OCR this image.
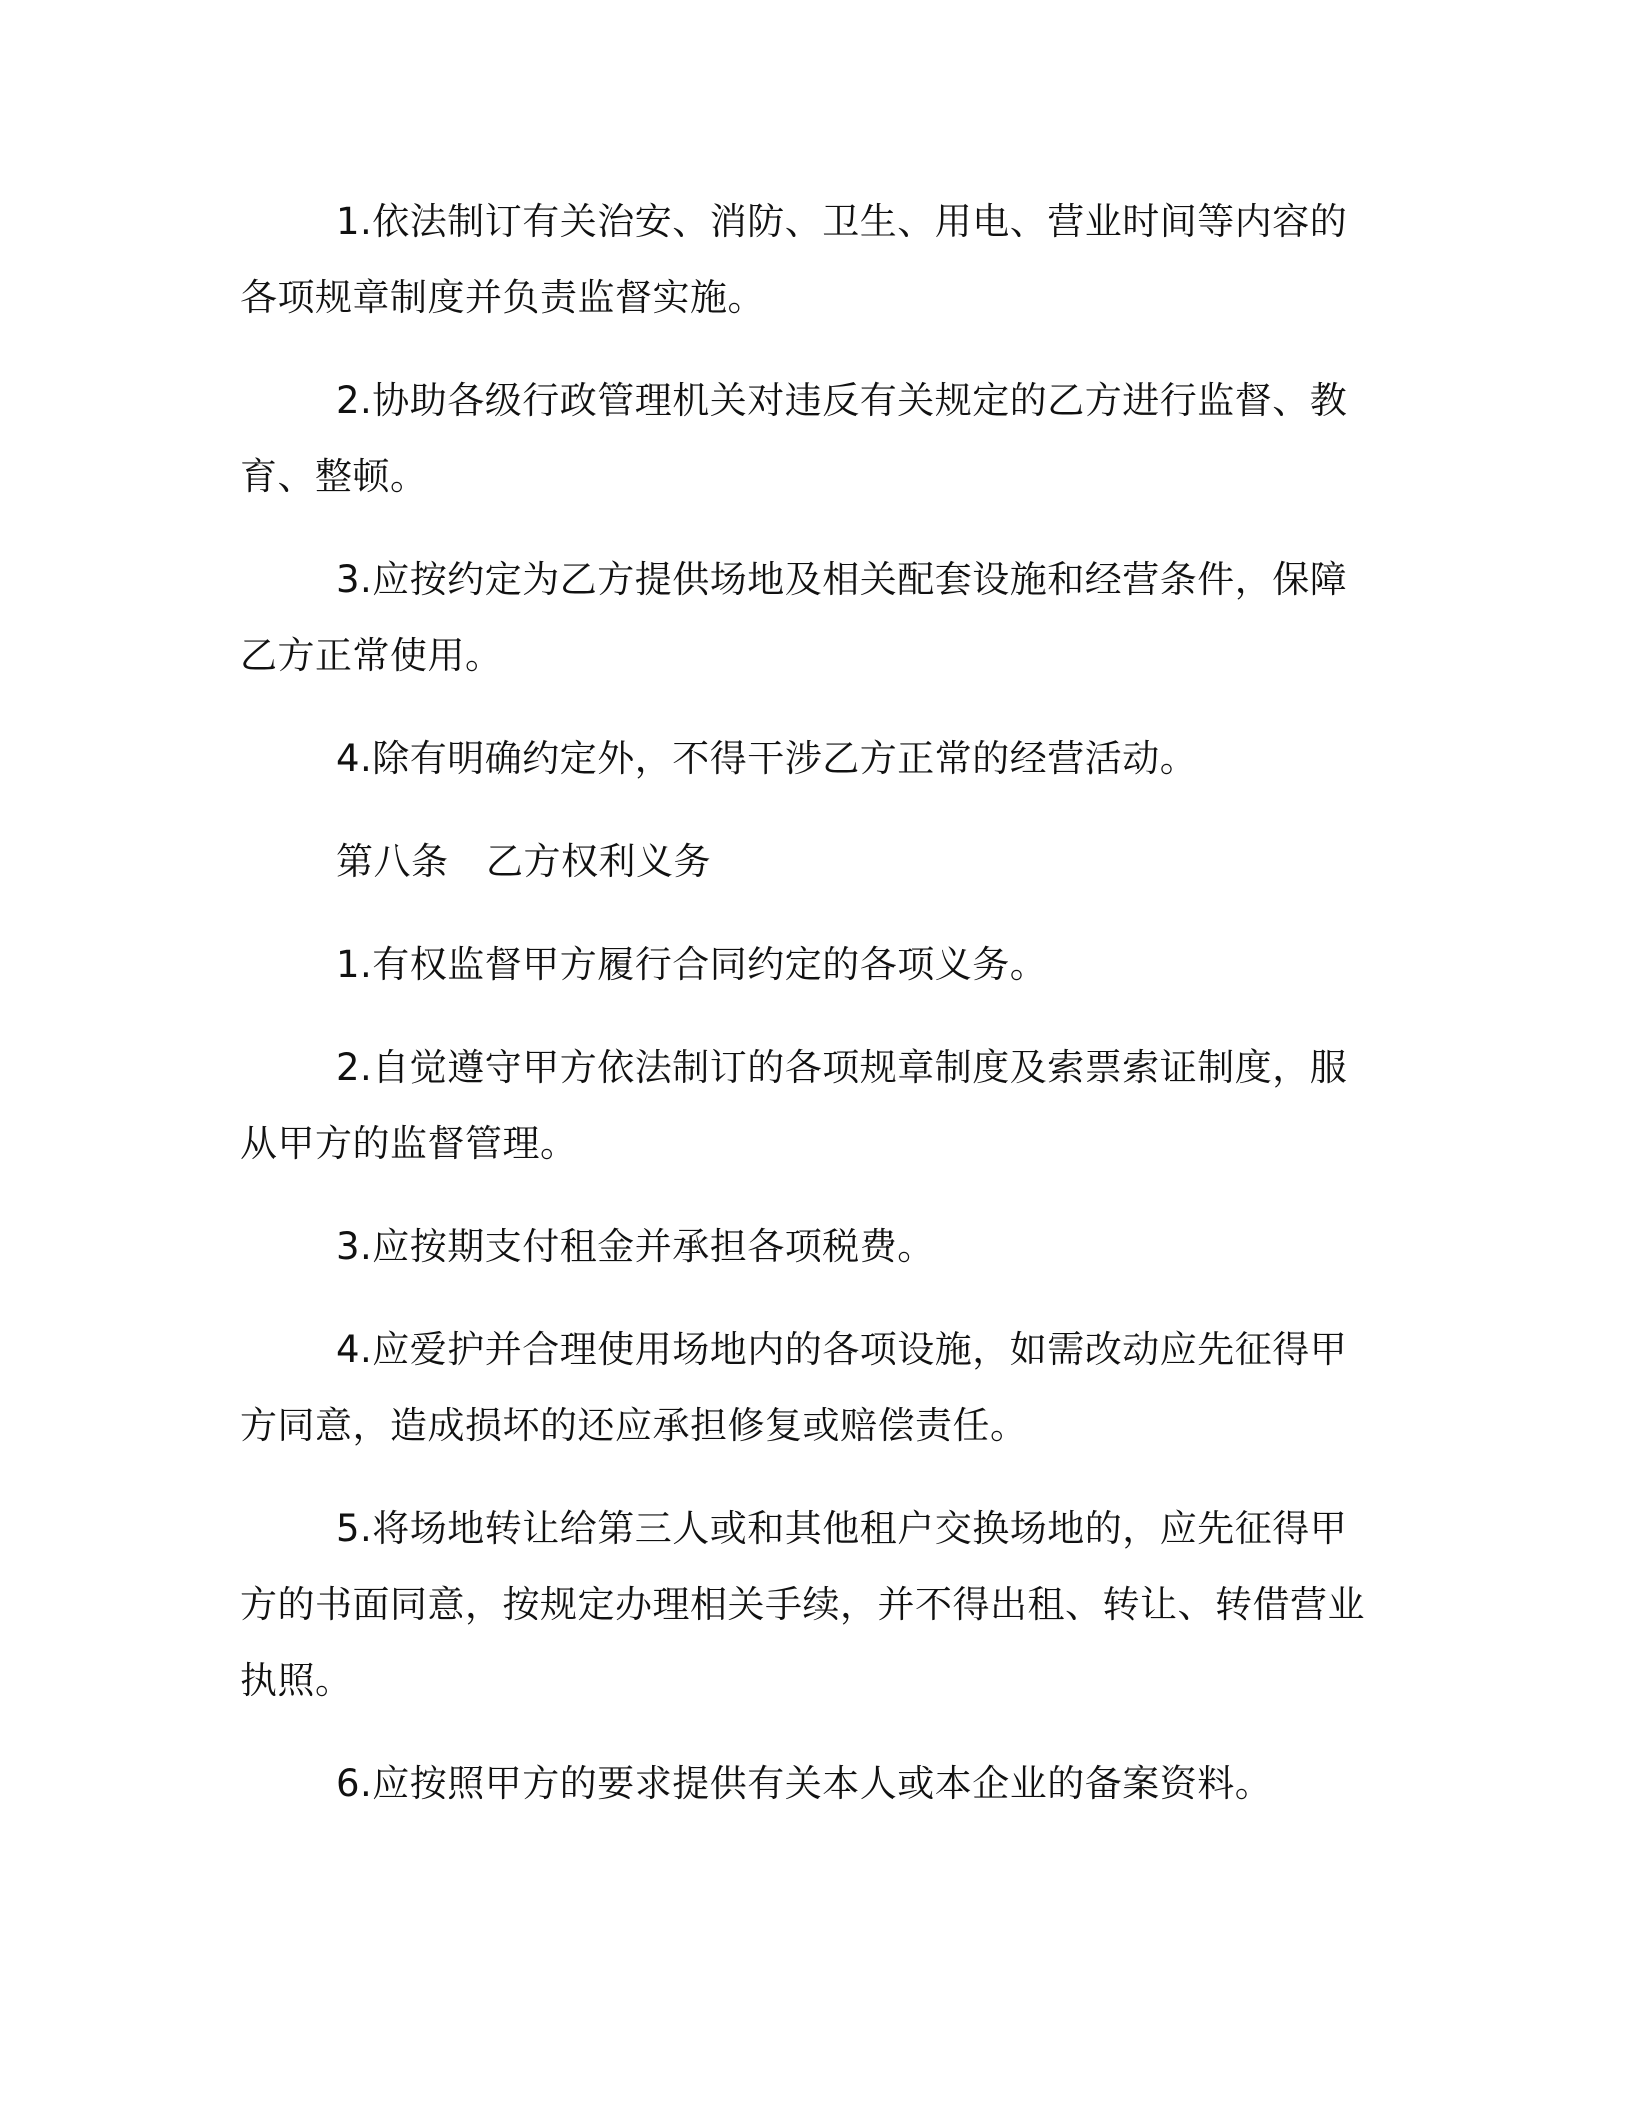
1.依法制订有关治安、消防、卫生、用电、营业时间等内容的各项规章制度并负责监督实施。

2.协助各级行政管理机关对违反有关规定的乙方进行监督、教育、整顿。

3.应按约定为乙方提供场地及相关配套设施和经营条件，保障乙方正常使用。

4.除有明确约定外，不得干涉乙方正常的经营活动。

第八条　乙方权利义务

1.有权监督甲方履行合同约定的各项义务。

2.自觉遵守甲方依法制订的各项规章制度及索票索证制度，服从甲方的监督管理。

3.应按期支付租金并承担各项税费。

4.应爱护并合理使用场地内的各项设施，如需改动应先征得甲方同意，造成损坏的还应承担修复或赔偿责任。

5.将场地转让给第三人或和其他租户交换场地的，应先征得甲方的书面同意，按规定办理相关手续，并不得出租、转让、转借营业执照。

6.应按照甲方的要求提供有关本人或本企业的备案资料。
